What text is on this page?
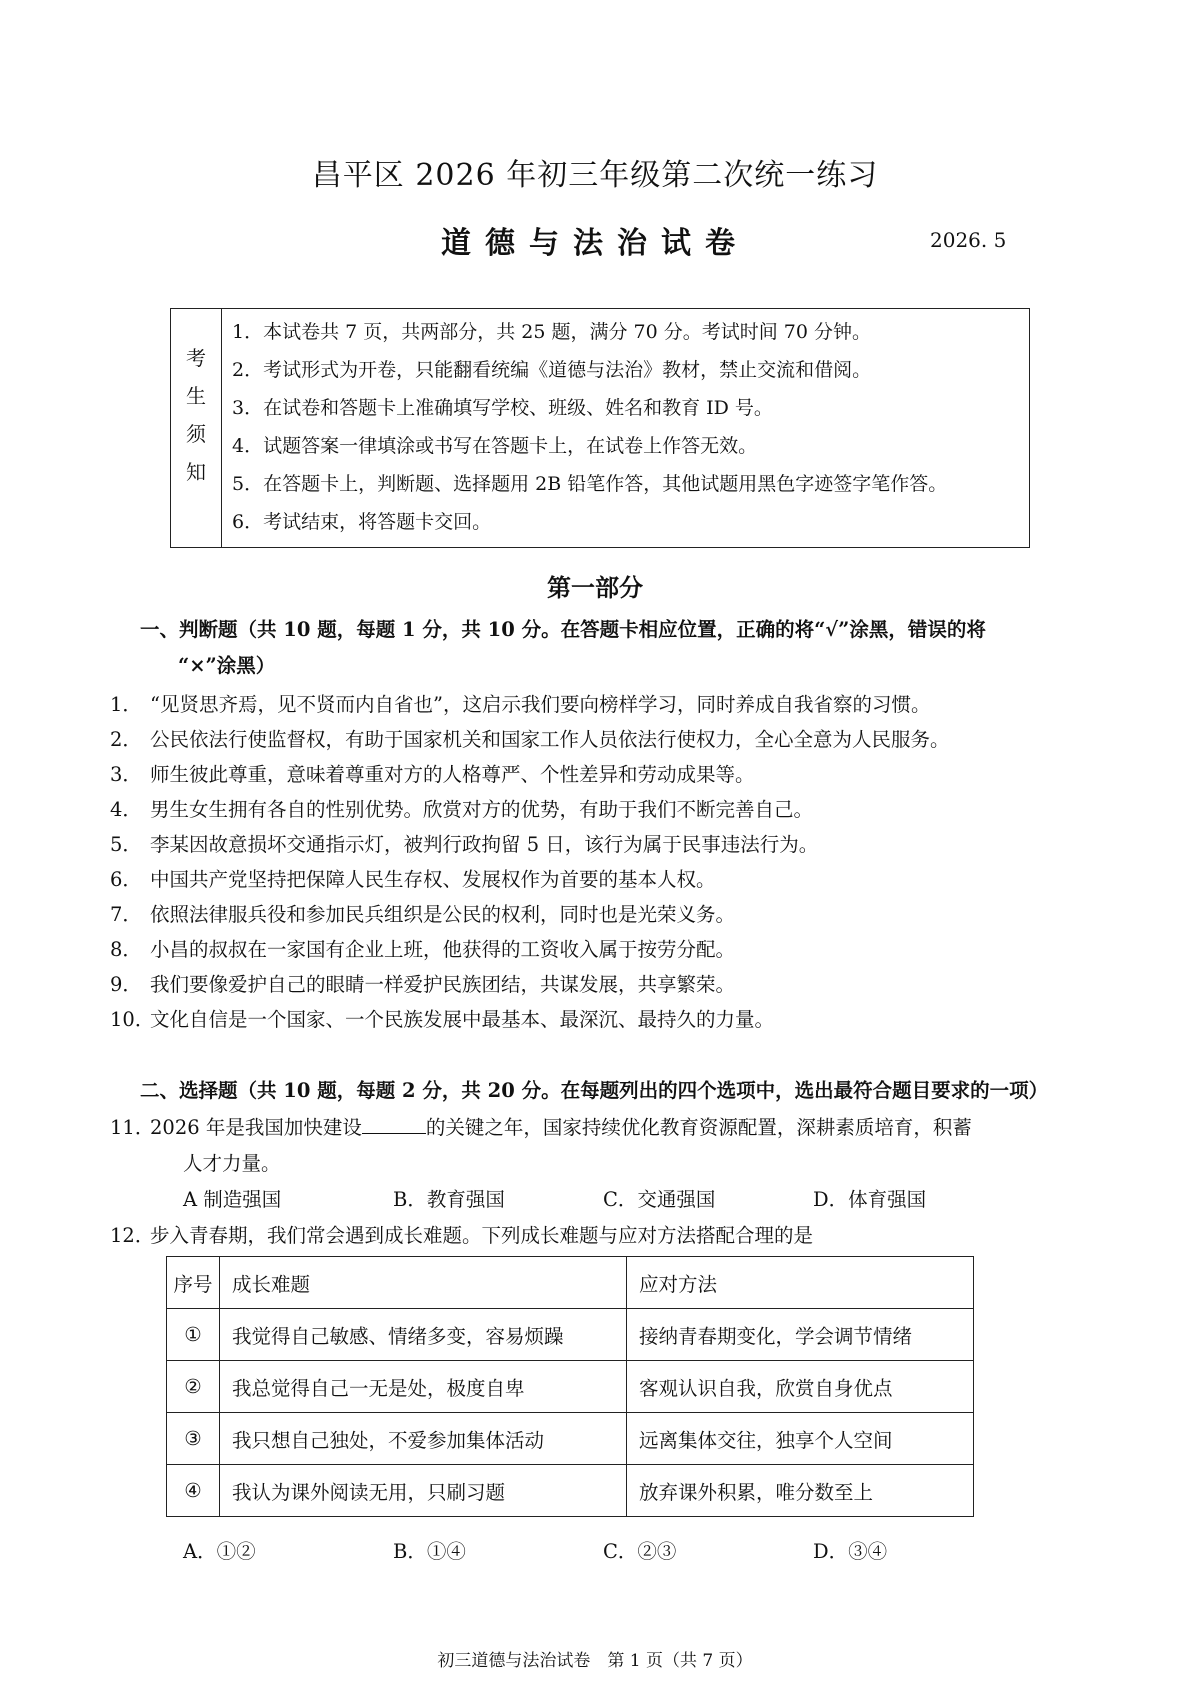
昌平区 2026 年初三年级第二次统一练习
道德与法治试卷	2026. 5
考
生
须
知

1．本试卷共 7 页，共两部分，共 25 题，满分 70 分。考试时间 70 分钟。
2．考试形式为开卷，只能翻看统编《道德与法治》教材，禁止交流和借阅。
3．在试卷和答题卡上准确填写学校、班级、姓名和教育 ID 号。
4．试题答案一律填涂或书写在答题卡上，在试卷上作答无效。
5．在答题卡上，判断题、选择题用 2B 铅笔作答，其他试题用黑色字迹签字笔作答。
6．考试结束，将答题卡交回。
第一部分
一、判断题（共 10 题，每题 1 分，共 10 分。在答题卡相应位置，正确的将“√”涂黑，错误的将
“×”涂黑）
1． “见贤思齐焉，见不贤而内自省也”，这启示我们要向榜样学习，同时养成自我省察的习惯。
2． 公民依法行使监督权，有助于国家机关和国家工作人员依法行使权力，全心全意为人民服务。
3． 师生彼此尊重，意味着尊重对方的人格尊严、个性差异和劳动成果等。
4． 男生女生拥有各自的性别优势。欣赏对方的优势，有助于我们不断完善自己。
5． 李某因故意损坏交通指示灯，被判行政拘留 5 日，该行为属于民事违法行为。
6． 中国共产党坚持把保障人民生存权、发展权作为首要的基本人权。
7． 依照法律服兵役和参加民兵组织是公民的权利，同时也是光荣义务。
8． 小昌的叔叔在一家国有企业上班，他获得的工资收入属于按劳分配。
9． 我们要像爱护自己的眼睛一样爱护民族团结，共谋发展，共享繁荣。
10．文化自信是一个国家、一个民族发展中最基本、最深沉、最持久的力量。
二、选择题（共 10 题，每题 2 分，共 20 分。在每题列出的四个选项中，选出最符合题目要求的一项）
11．2026 年是我国加快建设	的关键之年，国家持续优化教育资源配置，深耕素质培育，积蓄
人才力量。
A 制造强国	B．教育强国	C．交通强国	D．体育强国
12．步入青春期，我们常会遇到成长难题。下列成长难题与应对方法搭配合理的是
序号	成长难题	应对方法
①	我觉得自己敏感、情绪多变，容易烦躁	接纳青春期变化，学会调节情绪
②	我总觉得自己一无是处，极度自卑	客观认识自我，欣赏自身优点
③	我只想自己独处，不爱参加集体活动	远离集体交往，独享个人空间
④	我认为课外阅读无用，只刷习题	放弃课外积累，唯分数至上
A．①②	B．①④	C．②③	D．③④
初三道德与法治试卷　第 1 页（共 7 页）
